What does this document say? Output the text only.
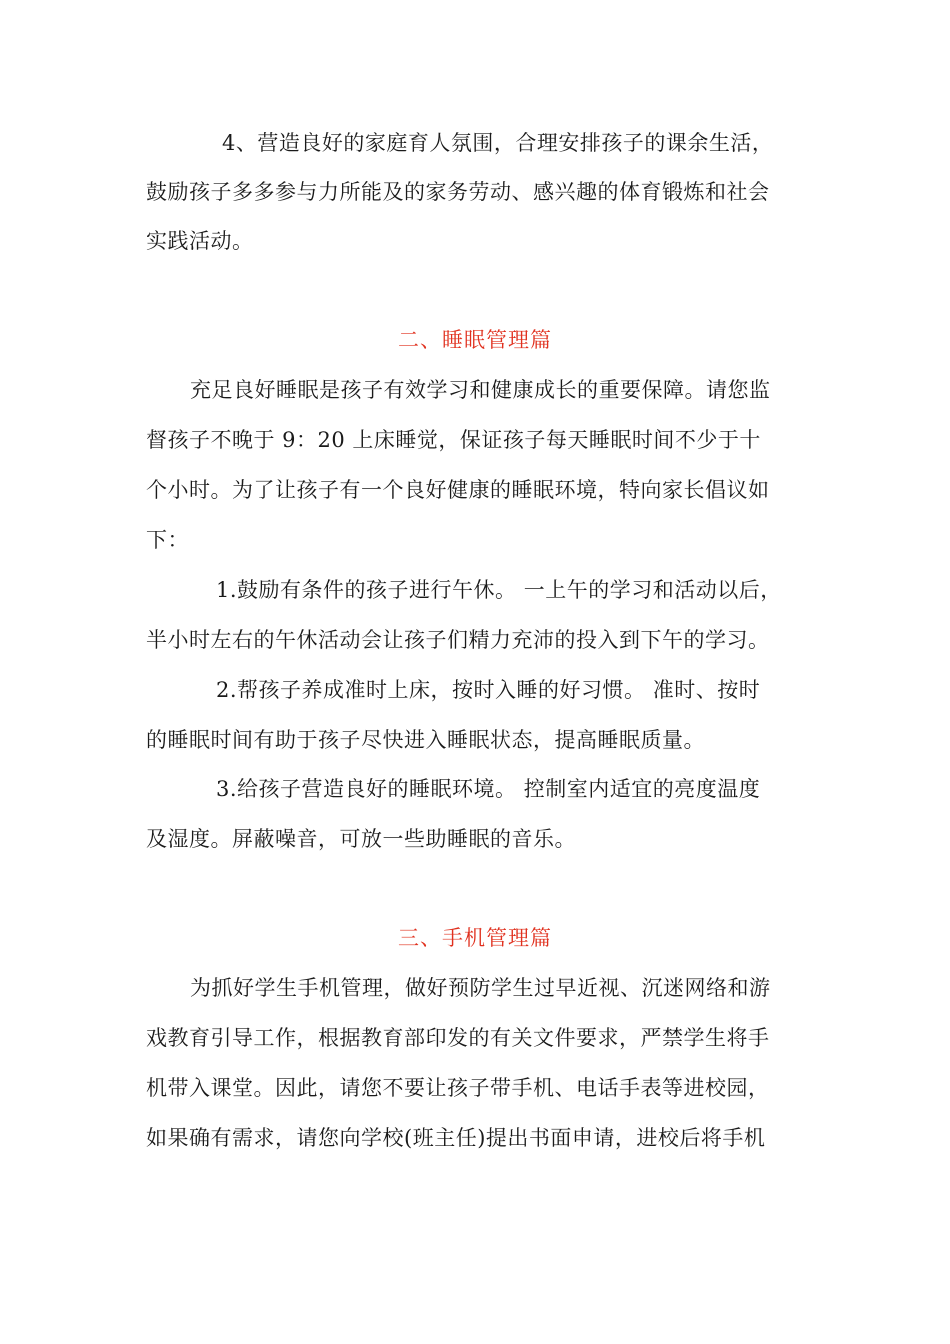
4、营造良好的家庭育人氛围，合理安排孩子的课余生活，
鼓励孩子多多参与力所能及的家务劳动、感兴趣的体育锻炼和社会
实践活动。
二、睡眠管理篇
充足良好睡眠是孩子有效学习和健康成长的重要保障。请您监
督孩子不晚于 9：20 上床睡觉，保证孩子每天睡眠时间不少于十
个小时。为了让孩子有一个良好健康的睡眠环境，特向家长倡议如
下：
1.鼓励有条件的孩子进行午休。 一上午的学习和活动以后，
半小时左右的午休活动会让孩子们精力充沛的投入到下午的学习。
2.帮孩子养成准时上床，按时入睡的好习惯。 准时、按时
的睡眠时间有助于孩子尽快进入睡眠状态，提高睡眠质量。
3.给孩子营造良好的睡眠环境。 控制室内适宜的亮度温度
及湿度。屏蔽噪音，可放一些助睡眠的音乐。
三、手机管理篇
为抓好学生手机管理，做好预防学生过早近视、沉迷网络和游
戏教育引导工作，根据教育部印发的有关文件要求，严禁学生将手
机带入课堂。因此，请您不要让孩子带手机、电话手表等进校园，
如果确有需求，请您向学校(班主任)提出书面申请，进校后将手机
